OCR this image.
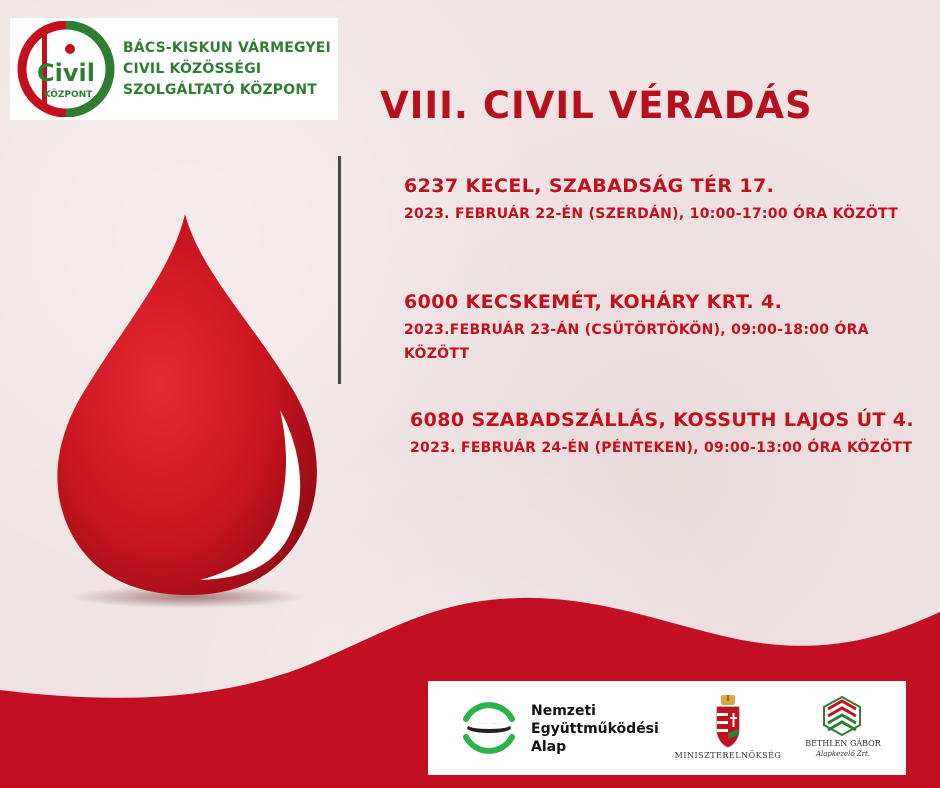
Civil
KÖZPONT
BÁCS-KISKUN VÁRMEGYEI
CIVIL KÖZÖSSÉGI
SZOLGÁLTATÓ KÖZPONT	VIII. CIVIL VÉRADÁS
6237 KECEL, SZABADSÁG TÉR 17.
2023. FEBRUÁR 22-ÉN (SZERDÁN), 10:00-17:00 ÓRA KÖZÖTT
6000 KECSKEMÉT, KOHÁRY KRT. 4.
2023.FEBRUÁR 23-ÁN (CSÜTÖRTÖKÖN), 09:00-18:00 ÓRA KÖZÖTT
6080 SZABADSZÁLLÁS, KOSSUTH LAJOS ÚT 4.
2023. FEBRUÁR 24-ÉN (PÉNTEKEN), 09:00-13:00 ÓRA KÖZÖTT
Nemzeti
Együttműködési
Alap
MINISZTERELNÖKSÉG
BETHLEN GÁBOR
Alapkezelő Zrt.
